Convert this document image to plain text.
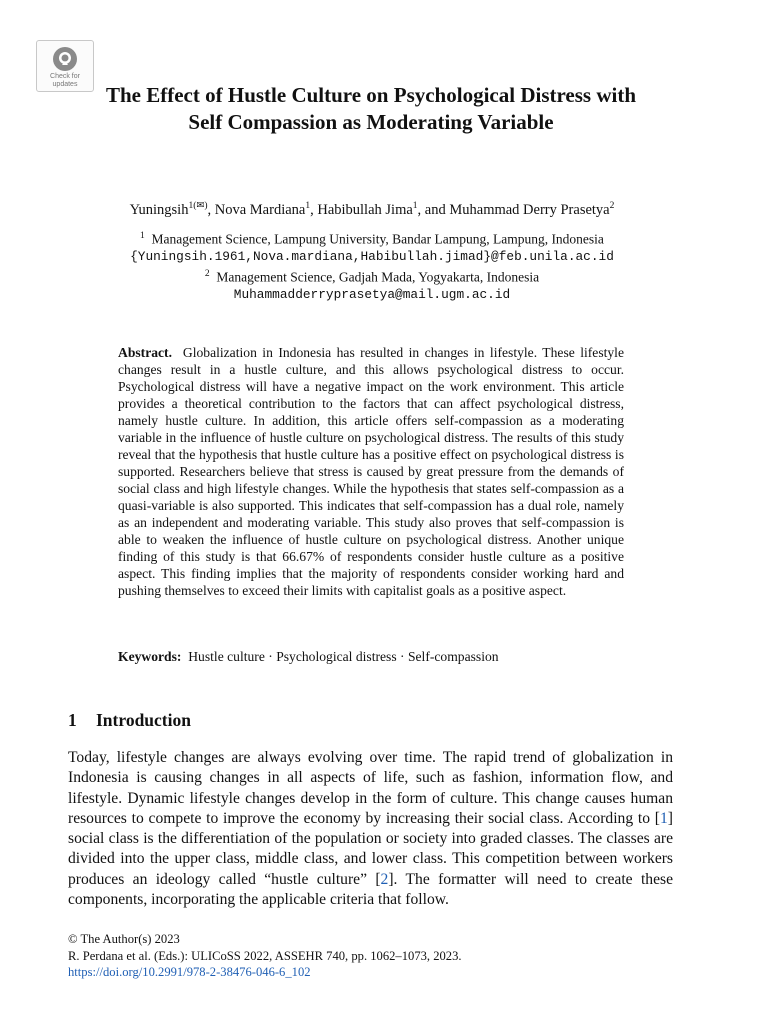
Check for
updates	The Effect of Hustle Culture on Psychological Distress with Self Compassion as Moderating Variable

Yuningsih$^{1(✉)}$, Nova Mardiana$^1$, Habibullah Jima$^1$, and Muhammad Derry Prasetya$^2$

$^1$ Management Science, Lampung University, Bandar Lampung, Lampung, Indonesia
{Yuningsih.1961,Nova.mardiana,Habibullah.jimad}@feb.unila.ac.id
$^2$ Management Science, Gadjah Mada, Yogyakarta, Indonesia
Muhammadderryprasetya@mail.ugm.ac.id

Abstract. Globalization in Indonesia has resulted in changes in lifestyle. These lifestyle changes result in a hustle culture, and this allows psychological distress to occur. Psychological distress will have a negative impact on the work environment. This article provides a theoretical contribution to the factors that can affect psychological distress, namely hustle culture. In addition, this article offers self-compassion as a moderating variable in the influence of hustle culture on psychological distress. The results of this study reveal that the hypothesis that hustle culture has a positive effect on psychological distress is supported. Researchers believe that stress is caused by great pressure from the demands of social class and high lifestyle changes. While the hypothesis that states self-compassion as a quasi-variable is also supported. This indicates that self-compassion has a dual role, namely as an independent and moderating variable. This study also proves that self-compassion is able to weaken the influence of hustle culture on psychological distress. Another unique finding of this study is that 66.67% of respondents consider hustle culture as a positive aspect. This finding implies that the majority of respondents consider working hard and pushing themselves to exceed their limits with capitalist goals as a positive aspect.

Keywords: Hustle culture · Psychological distress · Self-compassion

1 Introduction

Today, lifestyle changes are always evolving over time. The rapid trend of globalization in Indonesia is causing changes in all aspects of life, such as fashion, information flow, and lifestyle. Dynamic lifestyle changes develop in the form of culture. This change causes human resources to compete to improve the economy by increasing their social class. According to [1] social class is the differentiation of the population or society into graded classes. The classes are divided into the upper class, middle class, and lower class. This competition between workers produces an ideology called “hustle culture” [2]. The formatter will need to create these components, incorporating the applicable criteria that follow.

© The Author(s) 2023
R. Perdana et al. (Eds.): ULICoSS 2022, ASSEHR 740, pp. 1062–1073, 2023.
https://doi.org/10.2991/978-2-38476-046-6_102
